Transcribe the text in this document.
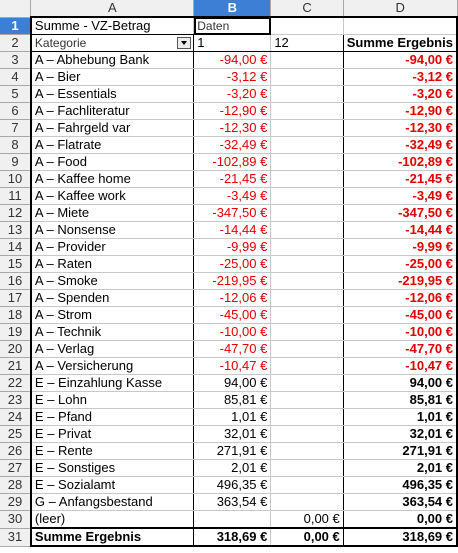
	A	B	C	D
1	Summe - VZ-Betrag	Daten		
2	Kategorie	1	12	Summe Ergebnis
3	A – Abhebung Bank	-94,00 €		-94,00 €
4	A – Bier	-3,12 €		-3,12 €
5	A – Essentials	-3,20 €		-3,20 €
6	A – Fachliteratur	-12,90 €		-12,90 €
7	A – Fahrgeld var	-12,30 €		-12,30 €
8	A – Flatrate	-32,49 €		-32,49 €
9	A – Food	-102,89 €		-102,89 €
10	A – Kaffee home	-21,45 €		-21,45 €
11	A – Kaffee work	-3,49 €		-3,49 €
12	A – Miete	-347,50 €		-347,50 €
13	A – Nonsense	-14,44 €		-14,44 €
14	A – Provider	-9,99 €		-9,99 €
15	A – Raten	-25,00 €		-25,00 €
16	A – Smoke	-219,95 €		-219,95 €
17	A – Spenden	-12,06 €		-12,06 €
18	A – Strom	-45,00 €		-45,00 €
19	A – Technik	-10,00 €		-10,00 €
20	A – Verlag	-47,70 €		-47,70 €
21	A – Versicherung	-10,47 €		-10,47 €
22	E – Einzahlung Kasse	94,00 €		94,00 €
23	E – Lohn	85,81 €		85,81 €
24	E – Pfand	1,01 €		1,01 €
25	E – Privat	32,01 €		32,01 €
26	E – Rente	271,91 €		271,91 €
27	E – Sonstiges	2,01 €		2,01 €
28	E – Sozialamt	496,35 €		496,35 €
29	G – Anfangsbestand	363,54 €		363,54 €
30	(leer)		0,00 €	0,00 €
31	Summe Ergebnis	318,69 €	0,00 €	318,69 €
